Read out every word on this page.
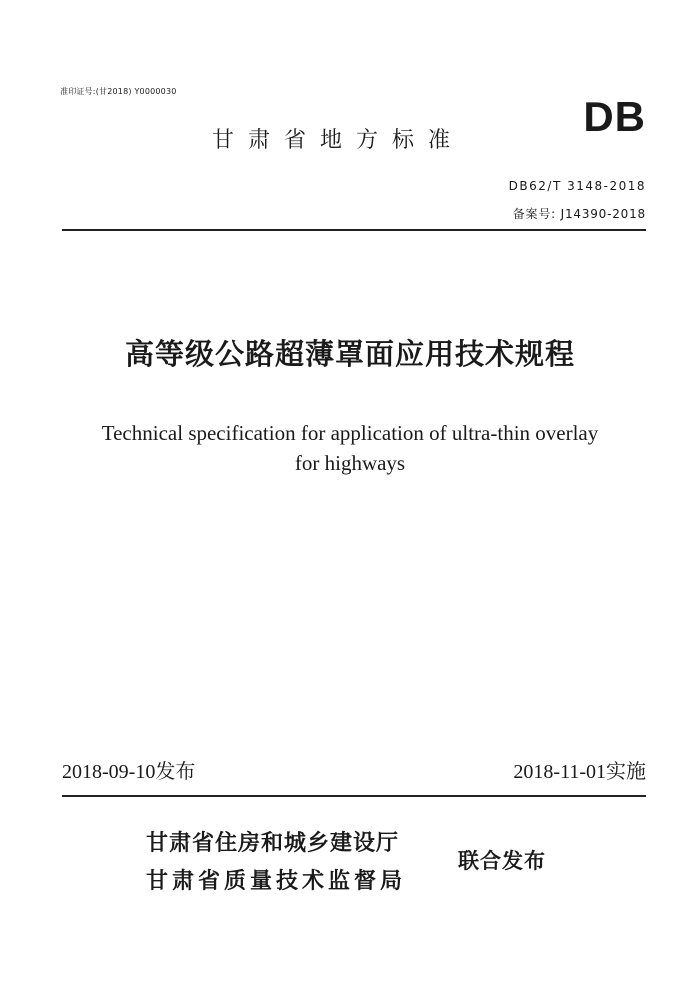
准印证号:(甘2018) Y0000030
DB
甘肃省地方标准
DB62/T 3148-2018
备案号: J14390-2018
高等级公路超薄罩面应用技术规程
Technical specification for application of ultra-thin overlay
for highways
2018-09-10发布	2018-11-01实施
甘肃省住房和城乡建设厅
甘肃省质量技术监督局
联合发布
